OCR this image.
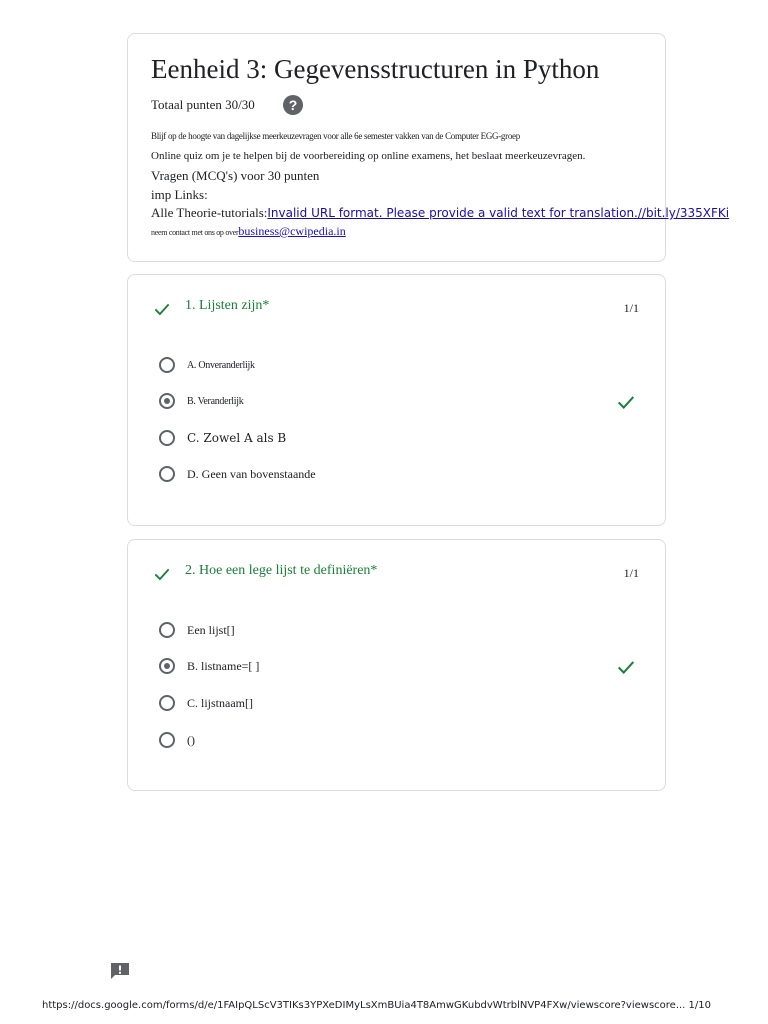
Eenheid 3: Gegevensstructuren in Python
Totaal punten 30/30	?
Blijf op de hoogte van dagelijkse meerkeuzevragen voor alle 6e semester vakken van de Computer EGG-groep
Online quiz om je te helpen bij de voorbereiding op online examens, het beslaat meerkeuzevragen.
Vragen (MCQ's) voor 30 punten
imp Links:
Alle Theorie-tutorials:Invalid URL format. Please provide a valid text for translation.//bit.ly/335XFKi
neem contact met ons op overbusiness@cwipedia.in
1. Lijsten zijn*	1/1
A. Onveranderlijk
B. Veranderlijk
C. Zowel A als B
D. Geen van bovenstaande
2. Hoe een lege lijst te definiëren*	1/1
Een lijst[]
B. listname=[ ]
C. lijstnaam[]
()
https://docs.google.com/forms/d/e/1FAIpQLScV3TIKs3YPXeDIMyLsXmBUia4T8AmwGKubdvWtrblNVP4FXw/viewscore?viewscore... 1/10
